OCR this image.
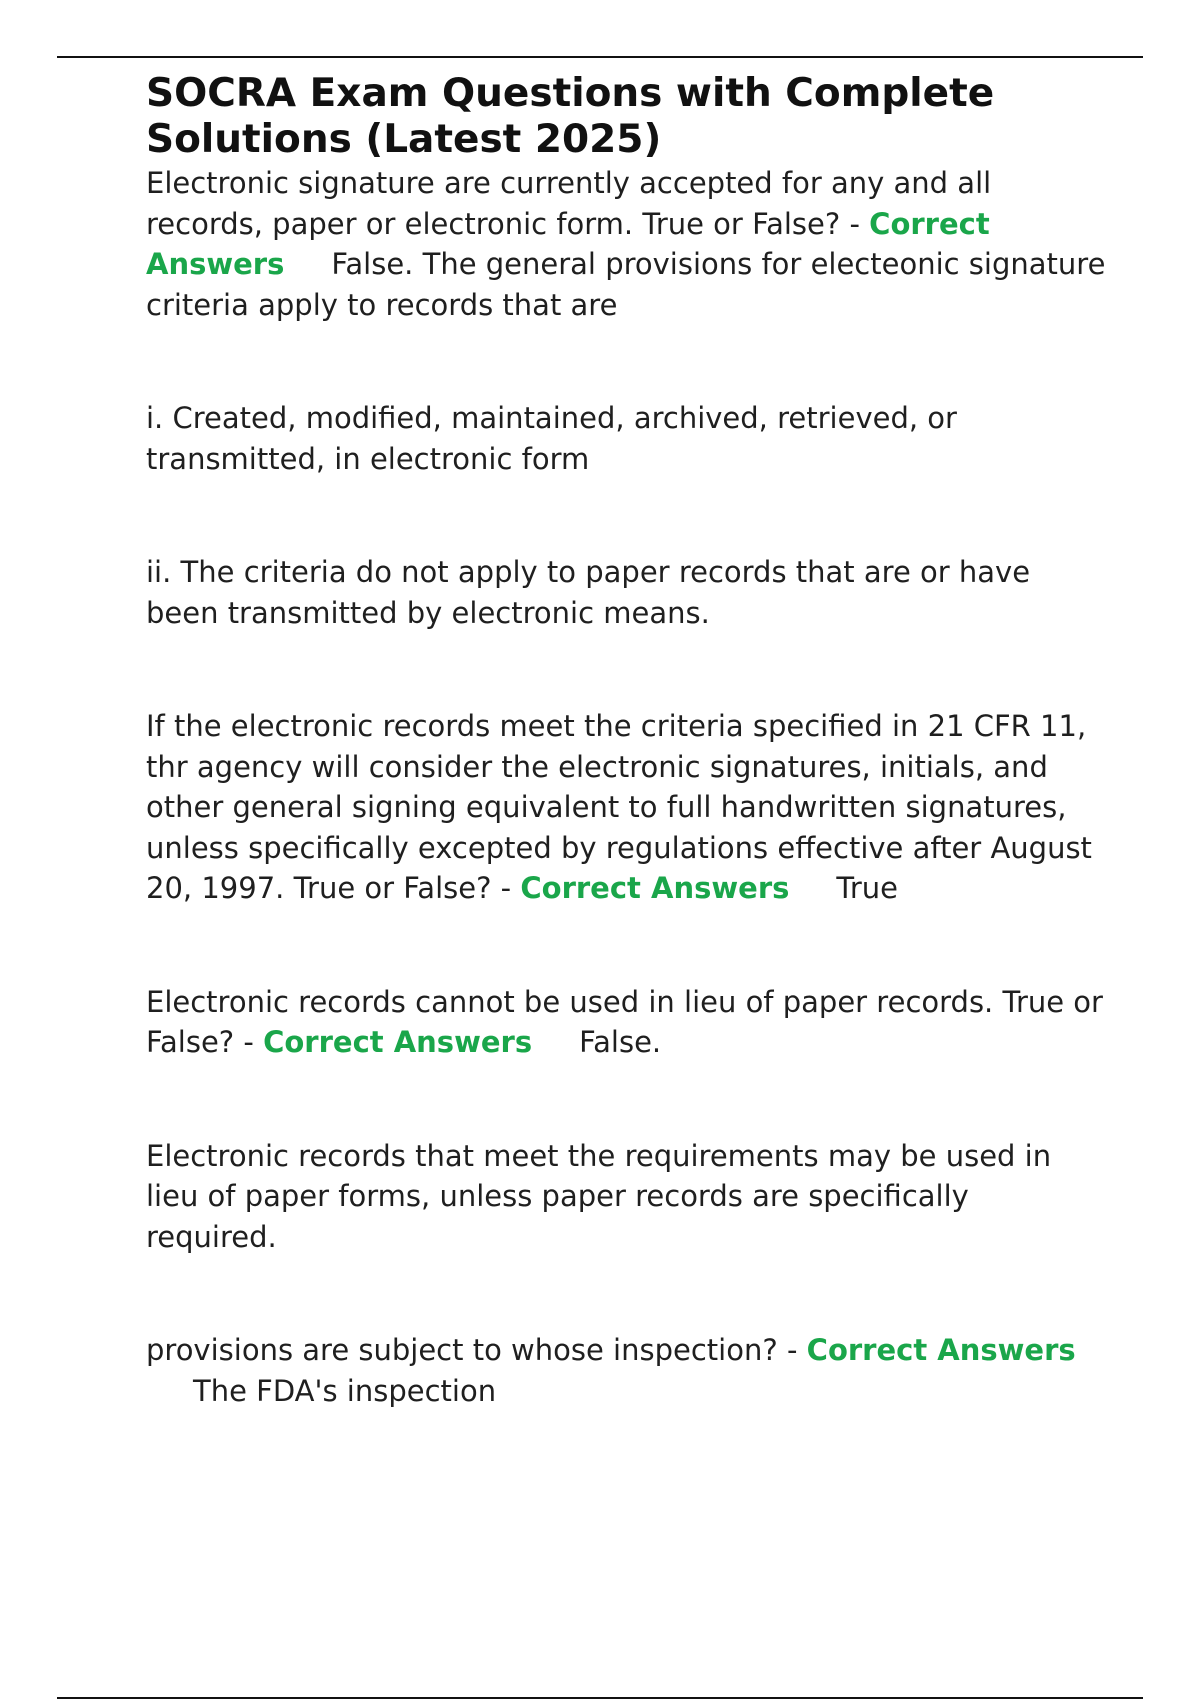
SOCRA Exam Questions with Complete Solutions (Latest 2025)

Electronic signature are currently accepted for any and all records, paper or electronic form. True or False? - Correct Answers False. The general provisions for electeonic signature criteria apply to records that are

i. Created, modified, maintained, archived, retrieved, or transmitted, in electronic form

ii. The criteria do not apply to paper records that are or have been transmitted by electronic means.

If the electronic records meet the criteria specified in 21 CFR 11, thr agency will consider the electronic signatures, initials, and other general signing equivalent to full handwritten signatures, unless specifically excepted by regulations effective after August 20, 1997. True or False? - Correct Answers True

Electronic records cannot be used in lieu of paper records. True or False? - Correct Answers False.

Electronic records that meet the requirements may be used in lieu of paper forms, unless paper records are specifically required.

provisions are subject to whose inspection? - Correct AnswersThe FDA's inspection
